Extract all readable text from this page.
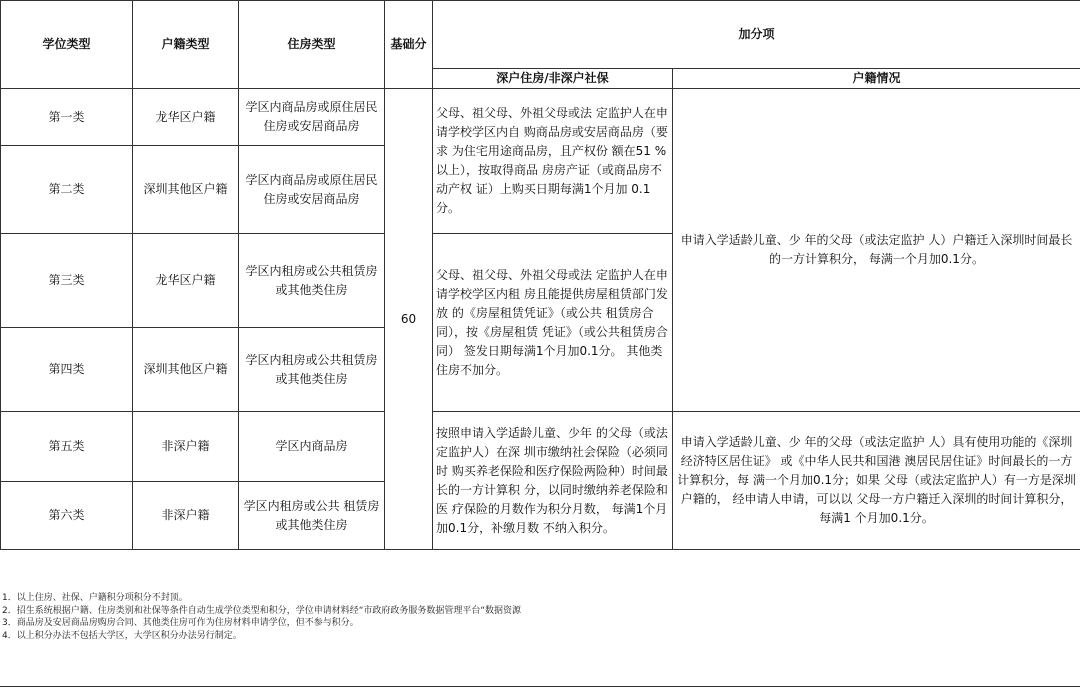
学位类型	户籍类型	住房类型	基础分	加分项	
				深户住房/非深户社保	户籍情况
第一类	龙华区户籍	学区内商品房或原住居民住房或安居商品房	60	父母、祖父母、外祖父母或法 定监护人在申请学校学区内自 购商品房或安居商品房（要求 为住宅用途商品房，且产权份 额在51 %以上），按取得商品 房房产证（或商品房不动产权 证）上购买日期每满1个月加 0.1 分。	申请入学适龄儿童、少 年的父母（或法定监护 人）户籍迁入深圳时间最长的一方计算积分， 每满一个月加0.1分。
第二类	深圳其他区户籍	学区内商品房或原住居民住房或安居商品房			
第三类	龙华区户籍	学区内租房或公共租赁房或其他类住房		父母、祖父母、外祖父母或法 定监护人在申请学校学区内租 房且能提供房屋租赁部门发放 的《房屋租赁凭证》（或公共 租赁房合同），按《房屋租赁 凭证》（或公共租赁房合同） 签发日期每满1个月加0.1分。 其他类住房不加分。	
第四类	深圳其他区户籍	学区内租房或公共租赁房或其他类住房			
第五类	非深户籍	学区内商品房		按照申请入学适龄儿童、少年 的父母（或法定监护人）在深 圳市缴纳社会保险（必须同时 购买养老保险和医疗保险两险种）时间最长的一方计算积 分，以同时缴纳养老保险和医 疗保险的月数作为积分月数， 每满1个月加0.1分，补缴月数 不纳入积分。	申请入学适龄儿童、少 年的父母（或法定监护 人）具有使用功能的《深圳经济特区居住证》 或《中华人民共和国港 澳居民居住证》时间最长的一方计算积分，每 满一个月加0.1分；如果 父母（或法定监护人）有一方是深圳户籍的， 经申请人申请，可以以 父母一方户籍迁入深圳的时间计算积分，每满1 个月加0.1分。
第六类	非深户籍	学区内租房或公共 租赁房或其他类住房			
1．以上住房、社保、户籍积分项积分不封顶。
2．招生系统根据户籍、住房类别和社保等条件自动生成学位类型和积分，学位申请材料经“市政府政务服务数据管理平台“数据资源
3．商品房及安居商品房购房合同、其他类住房可作为住房材料申请学位，但不参与积分。
4．以上积分办法不包括大学区，大学区积分办法另行制定。
